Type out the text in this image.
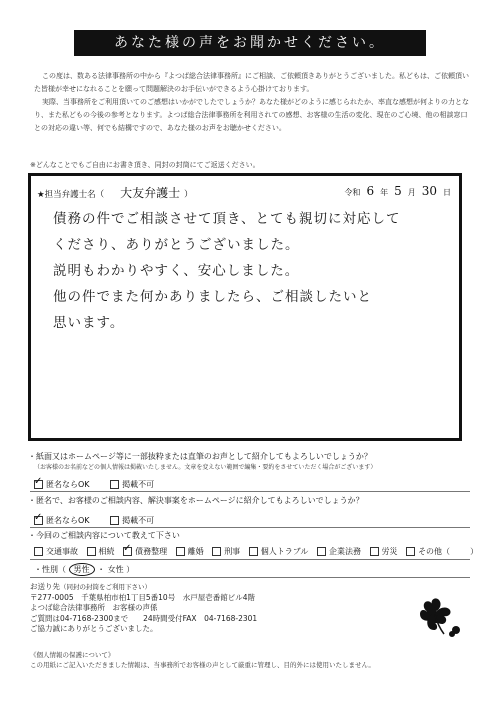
あなた様の声をお聞かせください。

この度は、数ある法律事務所の中から『よつば総合法律事務所』にご相談、ご依頼頂きありがとうございました。私どもは、ご依頼頂いた皆様が幸せになれることを願って問題解決のお手伝いができるよう心掛けております。

実際、当事務所をご利用頂いてのご感想はいかがでしたでしょうか？あなた様がどのように感じられたか、率直な感想が何よりの力となり、また私どもの今後の参考となります。よつば総合法律事務所を利用されての感想、お客様の生活の変化、現在のご心境、他の相談窓口との対応の違い等、何でも結構ですので、あなた様のお声をお聴かせください。

※どんなことでもご自由にお書き頂き、同封の封筒にてご返送ください。
★担当弁護士名（ 大友弁護士 ）	令和 6 年 5 月 30 日
債務の件でご相談させて頂き、とても親切に対応して
くださり、ありがとうございました。
説明もわかりやすく、安心しました。
他の件でまた何かありましたら、ご相談したいと
思います。
・紙面又はホームページ等に一部抜粋または直筆のお声として紹介してもよろしいでしょうか？
（お客様のお名前などの個人情報は掲載いたしません。文章を変えない範囲で編集・要約をさせていただく場合がございます）
✓
匿名ならOK
	掲載不可
・匿名で、お客様のご相談内容、解決事案をホームページに紹介してもよろしいでしょうか？
✓
匿名ならOK
	掲載不可
・今回のご相談内容について教えて下さい
交通事故
	相続

✓	債務整理
	離婚
	刑事
	個人トラブル
	企業法務
	労災
	その他（	）
・性別（ 男性 ・ 女性 ）
お送り先（同封の封筒をご利用下さい）
〒277-0005　千葉県柏市柏1丁目5番10号　水戸屋壱番館ビル4階
よつば総合法律事務所　お客様の声係
ご質問は04-7168-2300まで　　24時間受付FAX　04-7168-2301
ご協力誠にありがとうございました。
《個人情報の保護について》
この用紙にご記入いただきました情報は、当事務所でお客様の声として厳重に管理し、目的外には使用いたしません。
